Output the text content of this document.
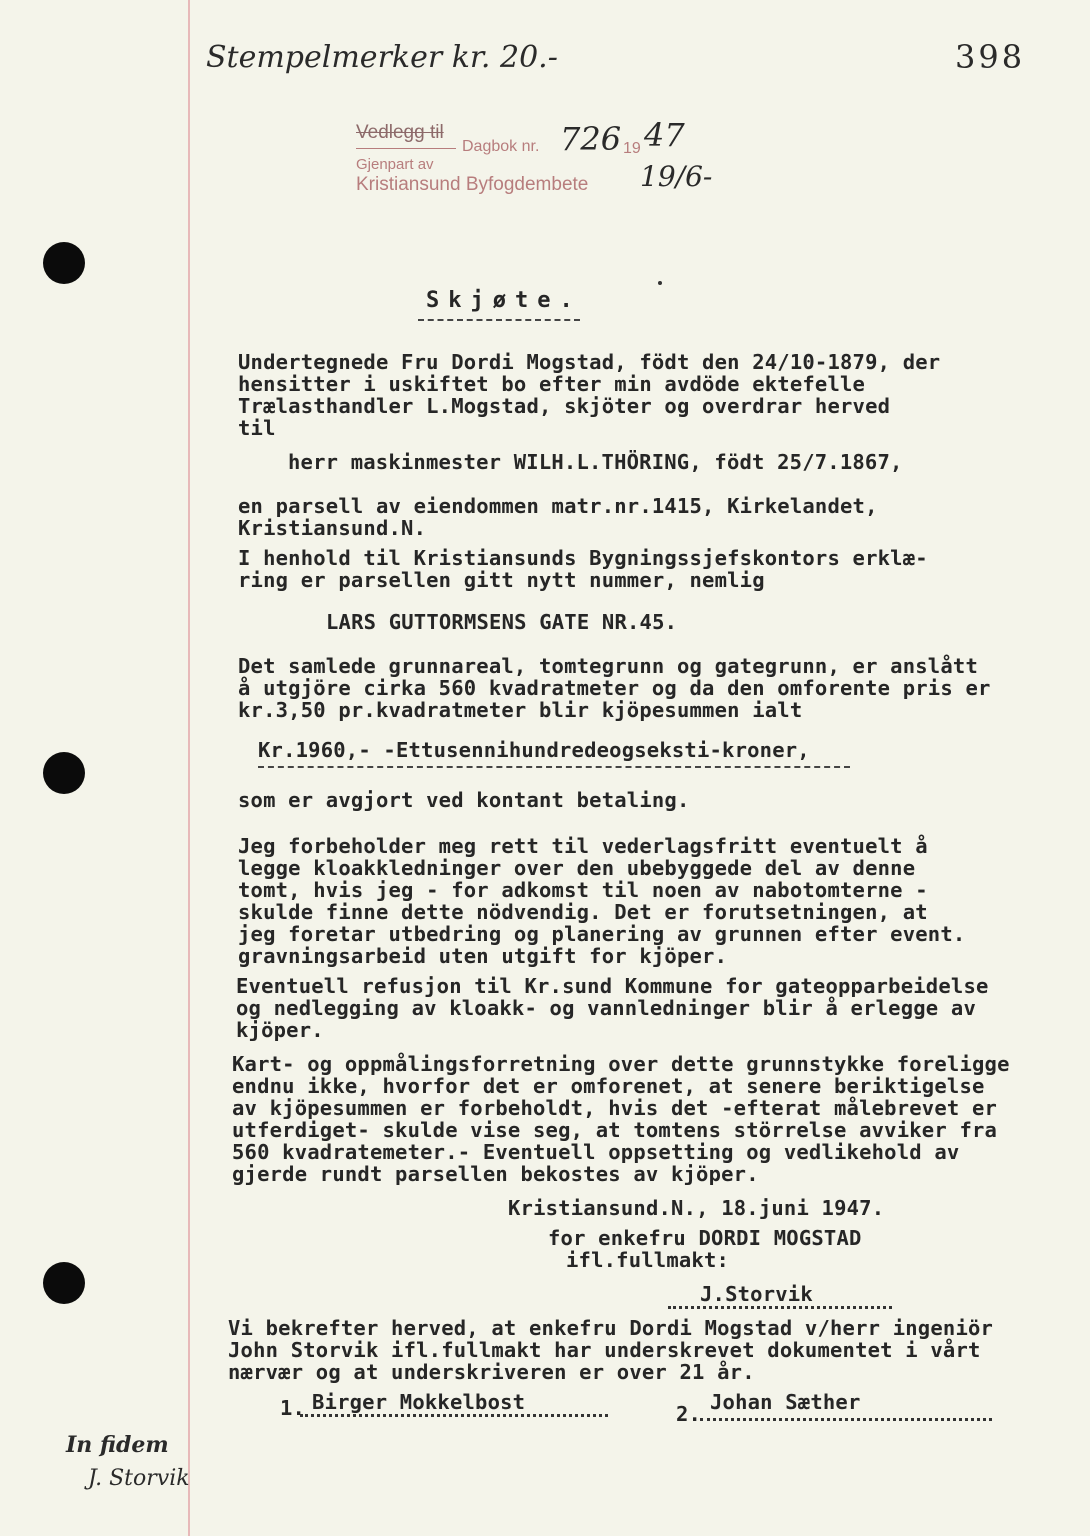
Stempelmerker kr. 20.-	398
Vedlegg til
Dagbok nr. 726 19 47
Gjenpart av
Kristiansund Byfogdembete 19/6-
Skjøte.
Undertegnede Fru Dordi Mogstad, födt den 24/10-1879, der
hensitter i uskiftet bo efter min avdöde ektefelle
Trælasthandler L.Mogstad, skjöter og overdrar herved
til
herr maskinmester WILH.L.THÖRING, födt 25/7.1867,
en parsell av eiendommen matr.nr.1415, Kirkelandet,
Kristiansund.N.
I henhold til Kristiansunds Bygningssjefskontors erklæ-
ring er parsellen gitt nytt nummer, nemlig
LARS GUTTORMSENS GATE NR.45.
Det samlede grunnareal, tomtegrunn og gategrunn, er anslått
å utgjöre cirka 560 kvadratmeter og da den omforente pris er
kr.3,50 pr.kvadratmeter blir kjöpesummen ialt
Kr.1960,- -Ettusennihundredeogseksti-kroner,
som er avgjort ved kontant betaling.
Jeg forbeholder meg rett til vederlagsfritt eventuelt å
legge kloakkledninger over den ubebyggede del av denne
tomt, hvis jeg - for adkomst til noen av nabotomterne -
skulde finne dette nödvendig. Det er forutsetningen, at
jeg foretar utbedring og planering av grunnen efter event.
gravningsarbeid uten utgift for kjöper.
Eventuell refusjon til Kr.sund Kommune for gateopparbeidelse
og nedlegging av kloakk- og vannledninger blir å erlegge av
kjöper.
Kart- og oppmålingsforretning over dette grunnstykke foreligge
endnu ikke, hvorfor det er omforenet, at senere beriktigelse
av kjöpesummen er forbeholdt, hvis det -efterat målebrevet er
utferdiget- skulde vise seg, at tomtens störrelse avviker fra
560 kvadratemeter.- Eventuell oppsetting og vedlikehold av
gjerde rundt parsellen bekostes av kjöper.
Kristiansund.N., 18.juni 1947.
for enkefru DORDI MOGSTAD
ifl.fullmakt:
J.Storvik
Vi bekrefter herved, at enkefru Dordi Mogstad v/herr ingeniör
John Storvik ifl.fullmakt har underskrevet dokumentet i vårt
nærvær og at underskriveren er over 21 år.
1. Birger Mokkelbost	2. Johan Sæther
In fidem
J. Storvik
